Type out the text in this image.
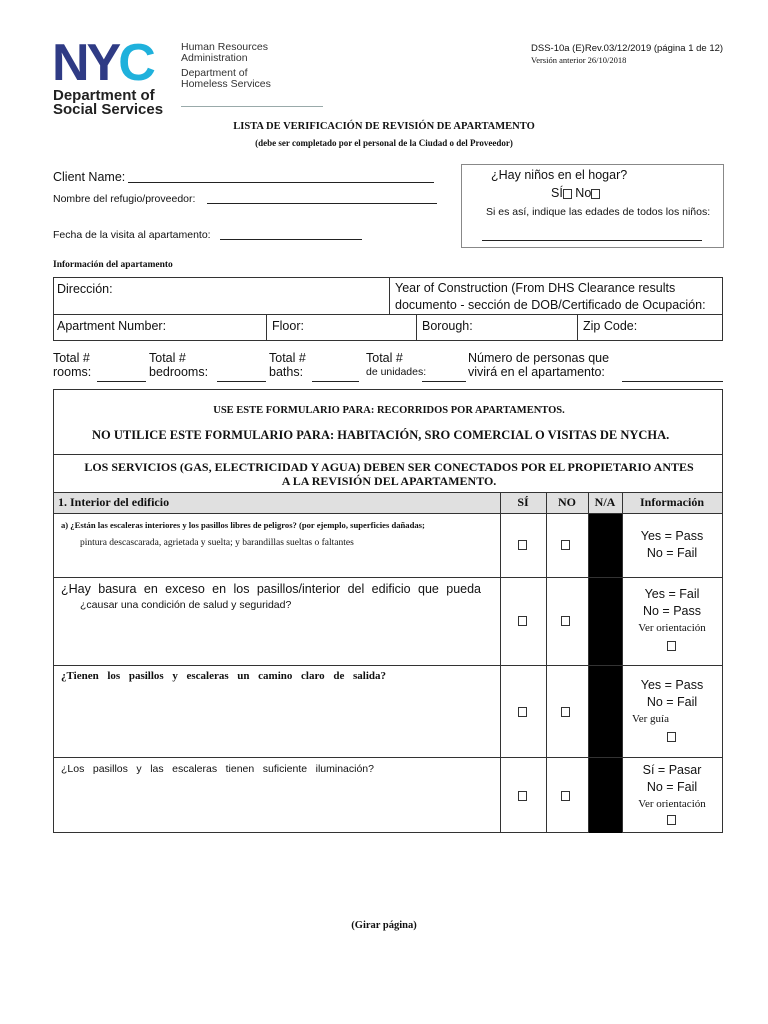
NYC
Department of
Social Services
Human Resources
Administration
Department of
Homeless Services
DSS-10a (E)Rev.03/12/2019 (página 1 de 12)
Versión anterior 26/10/2018
LISTA DE VERIFICACIÓN DE REVISIÓN DE APARTAMENTO
(debe ser completado por el personal de la Ciudad o del Proveedor)
Client Name:
Nombre del refugio/proveedor:
Fecha de la visita al apartamento:
¿Hay niños en el hogar?
SÍ No
Si es así, indique las edades de todos los niños:
Información del apartamento
Dirección:	Year of Construction (From DHS Clearance results
documento - sección de DOB/Certificado de Ocupación:
Apartment Number:	Floor:	Borough:	Zip Code:
Total #
rooms:
Total #
bedrooms:
Total #
baths:
Total #
de unidades:
Número de personas que
vivirá en el apartamento:
USE ESTE FORMULARIO PARA: RECORRIDOS POR APARTAMENTOS.
NO UTILICE ESTE FORMULARIO PARA: HABITACIÓN, SRO COMERCIAL O VISITAS DE NYCHA.
LOS SERVICIOS (GAS, ELECTRICIDAD Y AGUA) DEBEN SER CONECTADOS POR EL PROPIETARIO ANTES
A LA REVISIÓN DEL APARTAMENTO.
1. Interior del edificio	SÍ	NO	N/A	Información
a) ¿Están las escaleras interiores y los pasillos libres de peligros? (por ejemplo, superficies dañadas;
pintura descascarada, agrietada y suelta; y barandillas sueltas o faltantes	Yes = Pass
No = Fail
¿Hay basura en exceso en los pasillos/interior del edificio que pueda
¿causar una condición de salud y seguridad?
Yes = Fail
No = Pass
Ver orientación
¿Tienen los pasillos y escaleras un camino claro de salida?
Yes = Pass
No = Fail
Ver guía
¿Los pasillos y las escaleras tienen suficiente iluminación?	Sí = Pasar
No = Fail
Ver orientación
(Girar página)
